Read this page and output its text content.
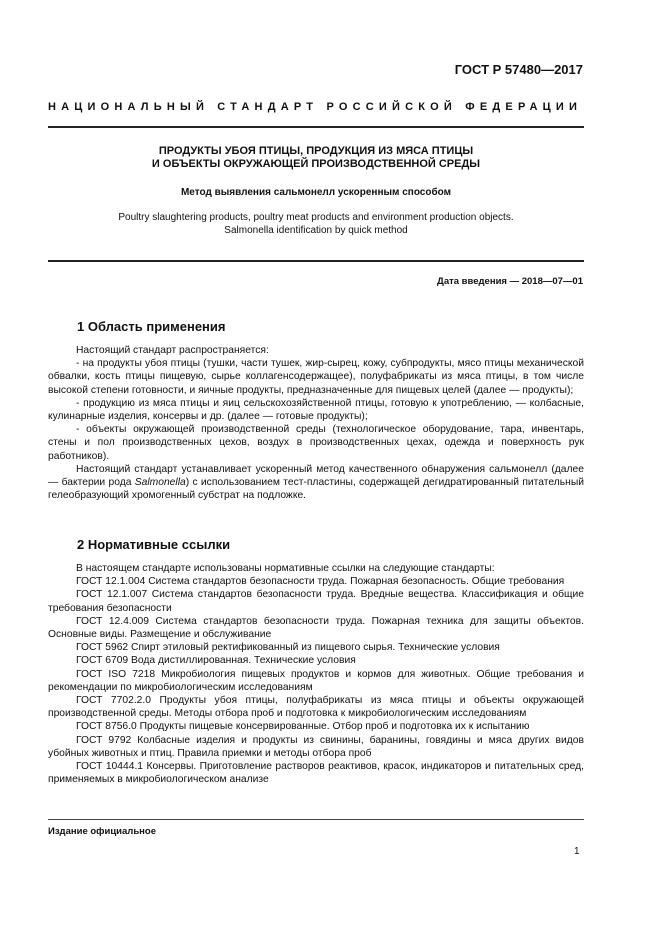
ГОСТ Р 57480—2017
НАЦИОНАЛЬНЫЙ СТАНДАРТ РОССИЙСКОЙ ФЕДЕРАЦИИ
ПРОДУКТЫ УБОЯ ПТИЦЫ, ПРОДУКЦИЯ ИЗ МЯСА ПТИЦЫ
И ОБЪЕКТЫ ОКРУЖАЮЩЕЙ ПРОИЗВОДСТВЕННОЙ СРЕДЫ
Метод выявления сальмонелл ускоренным способом
Poultry slaughtering products, poultry meat products and environment production objects.
Salmonella identification by quick method
Дата введения — 2018—07—01
1 Область применения

Настоящий стандарт распространяется:

- на продукты убоя птицы (тушки, части тушек, жир-сырец, кожу, субпродукты, мясо птицы механической обвалки, кость птицы пищевую, сырье коллагенсодержащее), полуфабрикаты из мяса птицы, в том числе высокой степени готовности, и яичные продукты, предназначенные для пищевых целей (далее — продукты);

- продукцию из мяса птицы и яиц сельскохозяйственной птицы, готовую к употреблению, — колбасные, кулинарные изделия, консервы и др. (далее — готовые продукты);

- объекты окружающей производственной среды (технологическое оборудование, тара, инвентарь, стены и пол производственных цехов, воздух в производственных цехах, одежда и поверхность рук работников).

Настоящий стандарт устанавливает ускоренный метод качественного обнаружения сальмонелл (далее — бактерии рода Salmonella) с использованием тест-пластины, содержащей дегидратированный питательный гелеобразующий хромогенный субстрат на подложке.

2 Нормативные ссылки

В настоящем стандарте использованы нормативные ссылки на следующие стандарты:

ГОСТ 12.1.004 Система стандартов безопасности труда. Пожарная безопасность. Общие требования

ГОСТ 12.1.007 Система стандартов безопасности труда. Вредные вещества. Классификация и общие требования безопасности

ГОСТ 12.4.009 Система стандартов безопасности труда. Пожарная техника для защиты объектов. Основные виды. Размещение и обслуживание

ГОСТ 5962 Спирт этиловый ректификованный из пищевого сырья. Технические условия

ГОСТ 6709 Вода дистиллированная. Технические условия

ГОСТ ISO 7218 Микробиология пищевых продуктов и кормов для животных. Общие требования и рекомендации по микробиологическим исследованиям

ГОСТ 7702.2.0 Продукты убоя птицы, полуфабрикаты из мяса птицы и объекты окружающей производственной среды. Методы отбора проб и подготовка к микробиологическим исследованиям

ГОСТ 8756.0 Продукты пищевые консервированные. Отбор проб и подготовка их к испытанию

ГОСТ 9792 Колбасные изделия и продукты из свинины, баранины, говядины и мяса других видов убойных животных и птиц. Правила приемки и методы отбора проб

ГОСТ 10444.1 Консервы. Приготовление растворов реактивов, красок, индикаторов и питательных сред, применяемых в микробиологическом анализе

Издание официальное
1
